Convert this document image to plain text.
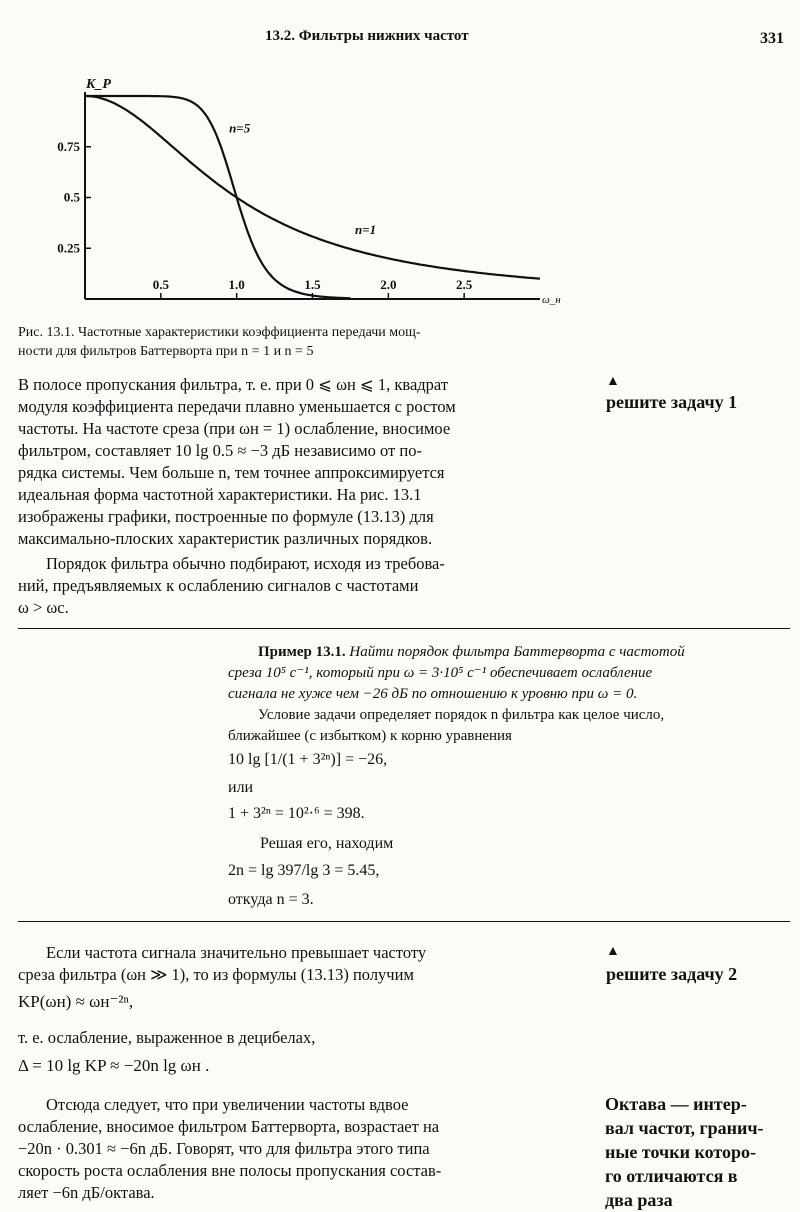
13.2. Фильтры нижних частот	331
0.5	1.0	1.5	2.0	2.5
0.25
0.5
0.75
K_P
ω_н
n=5
n=1
Рис. 13.1. Частотные характеристики коэффициента передачи мощ-
ности для фильтров Баттерворта при n = 1 и n = 5
В полосе пропускания фильтра, т. е. при 0 ⩽ ωн ⩽ 1, квадрат
модуля коэффициента передачи плавно уменьшается с ростом
частоты. На частоте среза (при ωн = 1) ослабление, вносимое
фильтром, составляет 10 lg 0.5 ≈ −3 дБ независимо от по-
рядка системы. Чем больше n, тем точнее аппроксимируется
идеальная форма частотной характеристики. На рис. 13.1
изображены графики, построенные по формуле (13.13) для
максимально-плоских характеристик различных порядков.
▲
решите задачу 1
Порядок фильтра обычно подбирают, исходя из требова-
ний, предъявляемых к ослаблению сигналов с частотами
ω > ωc.
Пример 13.1. Найти порядок фильтра Баттерворта с частотой
среза 10⁵ с⁻¹, который при ω = 3·10⁵ с⁻¹ обеспечивает ослабление
сигнала не хуже чем −26 дБ по отношению к уровню при ω = 0.
Условие задачи определяет порядок n фильтра как целое число,
ближайшее (с избытком) к корню уравнения
10 lg [1/(1 + 3²ⁿ)] = −26,
или
1 + 3²ⁿ = 10²·⁶ = 398.
Решая его, находим
2n = lg 397/lg 3 = 5.45,
откуда n = 3.
Если частота сигнала значительно превышает частоту
среза фильтра (ωн ≫ 1), то из формулы (13.13) получим
KP(ωн) ≈ ωн⁻²ⁿ,
т. е. ослабление, выраженное в децибелах,
Δ = 10 lg KP ≈ −20n lg ωн .
▲
решите задачу 2
Отсюда следует, что при увеличении частоты вдвое
ослабление, вносимое фильтром Баттерворта, возрастает на
−20n · 0.301 ≈ −6n дБ. Говорят, что для фильтра этого типа
скорость роста ослабления вне полосы пропускания состав-
ляет −6n дБ/октава.
Октава — интер-
вал частот, гранич-
ные точки которо-
го отличаются в
два раза
